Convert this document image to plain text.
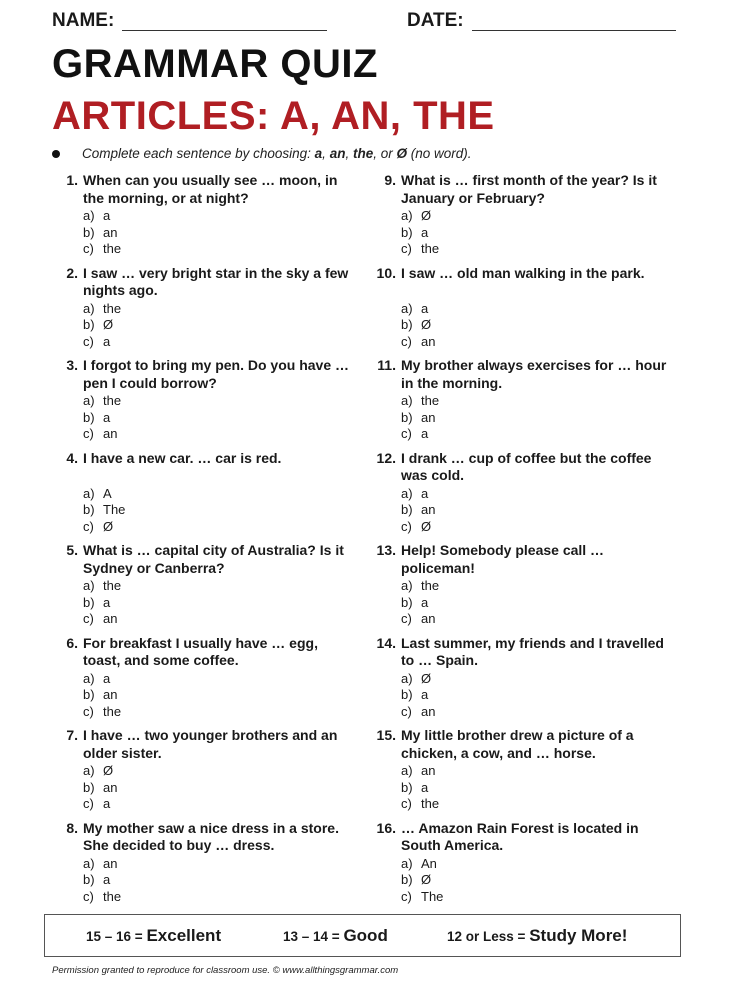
NAME:	DATE:
GRAMMAR QUIZ
ARTICLES: A, AN, THE
Complete each sentence by choosing: a, an, the, or Ø (no word).
1. When can you usually see … moon, in the morning, or at night?
a) a
b) an
c) the
2. I saw … very bright star in the sky a few nights ago.
a) the
b) Ø
c) a
3. I forgot to bring my pen. Do you have … pen I could borrow?
a) the
b) a
c) an
4. I have a new car. … car is red.
a) A
b) The
c) Ø
5. What is … capital city of Australia? Is it Sydney or Canberra?
a) the
b) a
c) an
6. For breakfast I usually have … egg, toast, and some coffee.
a) a
b) an
c) the
7. I have … two younger brothers and an older sister.
a) Ø
b) an
c) a
8. My mother saw a nice dress in a store. She decided to buy … dress.
a) an
b) a
c) the
9. What is … first month of the year? Is it January or February?
a) Ø
b) a
c) the
10. I saw … old man walking in the park.
a) a
b) Ø
c) an
11. My brother always exercises for … hour in the morning.
a) the
b) an
c) a
12. I drank … cup of coffee but the coffee was cold.
a) a
b) an
c) Ø
13. Help! Somebody please call … policeman!
a) the
b) a
c) an
14. Last summer, my friends and I travelled to … Spain.
a) Ø
b) a
c) an
15. My little brother drew a picture of a chicken, a cow, and … horse.
a) an
b) a
c) the
16. … Amazon Rain Forest is located in South America.
a) An
b) Ø
c) The
15 – 16 = Excellent	13 – 14 = Good	12 or Less = Study More!
Permission granted to reproduce for classroom use. © www.allthingsgrammar.com
